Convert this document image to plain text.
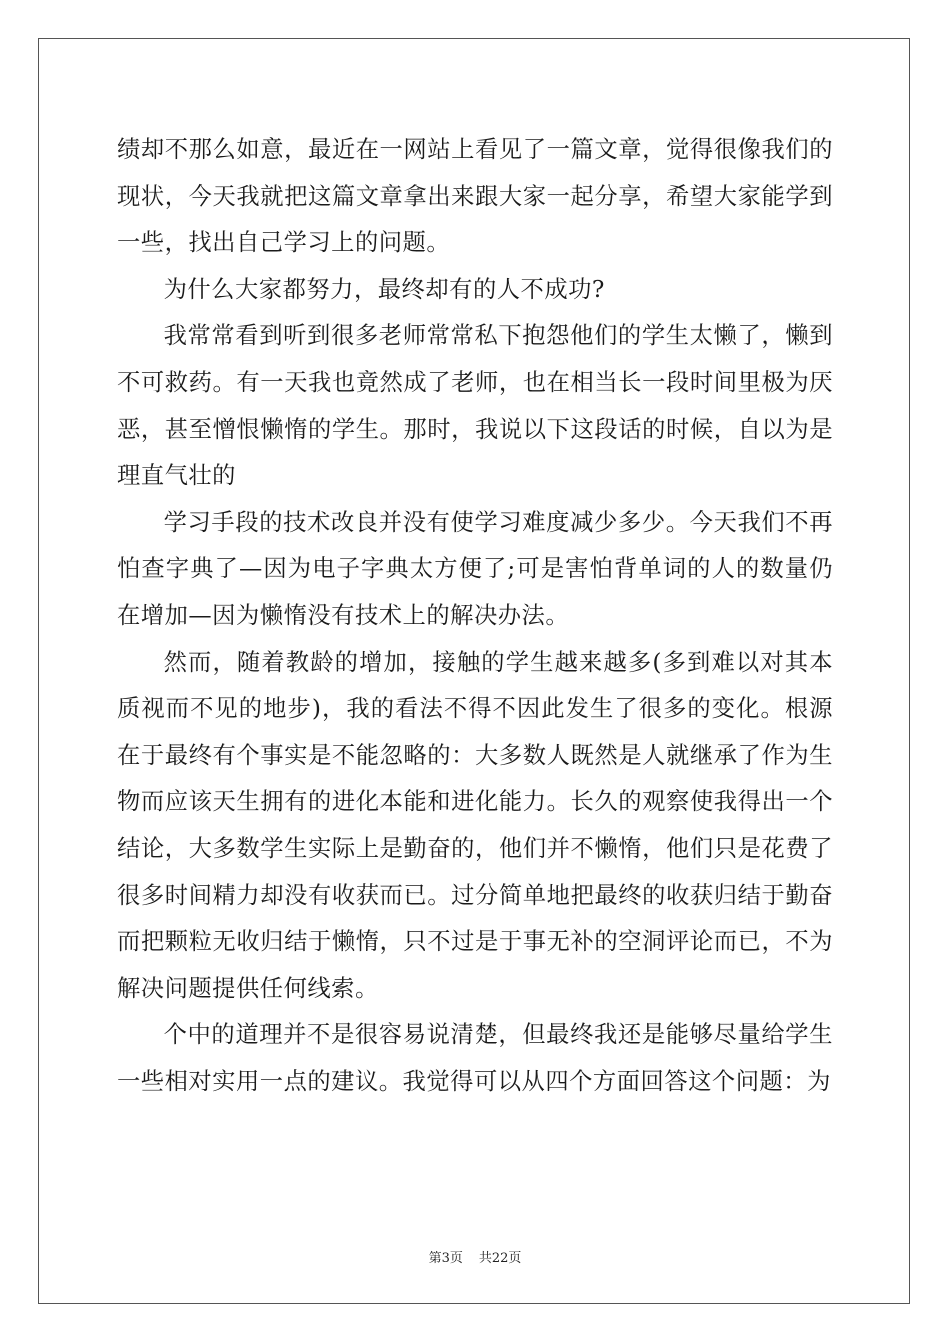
绩却不那么如意，最近在一网站上看见了一篇文章，觉得很像我们的现状，今天我就把这篇文章拿出来跟大家一起分享，希望大家能学到一些，找出自己学习上的问题。

为什么大家都努力，最终却有的人不成功?

我常常看到听到很多老师常常私下抱怨他们的学生太懒了，懒到不可救药。有一天我也竟然成了老师，也在相当长一段时间里极为厌恶，甚至憎恨懒惰的学生。那时，我说以下这段话的时候，自以为是理直气壮的

学习手段的技术改良并没有使学习难度减少多少。今天我们不再怕查字典了—因为电子字典太方便了;可是害怕背单词的人的数量仍在增加—因为懒惰没有技术上的解决办法。

然而，随着教龄的增加，接触的学生越来越多(多到难以对其本质视而不见的地步)，我的看法不得不因此发生了很多的变化。根源在于最终有个事实是不能忽略的：大多数人既然是人就继承了作为生物而应该天生拥有的进化本能和进化能力。长久的观察使我得出一个结论，大多数学生实际上是勤奋的，他们并不懒惰，他们只是花费了很多时间精力却没有收获而已。过分简单地把最终的收获归结于勤奋而把颗粒无收归结于懒惰，只不过是于事无补的空洞评论而已，不为解决问题提供任何线索。

个中的道理并不是很容易说清楚，但最终我还是能够尽量给学生一些相对实用一点的建议。我觉得可以从四个方面回答这个问题：为

第3页 共22页
